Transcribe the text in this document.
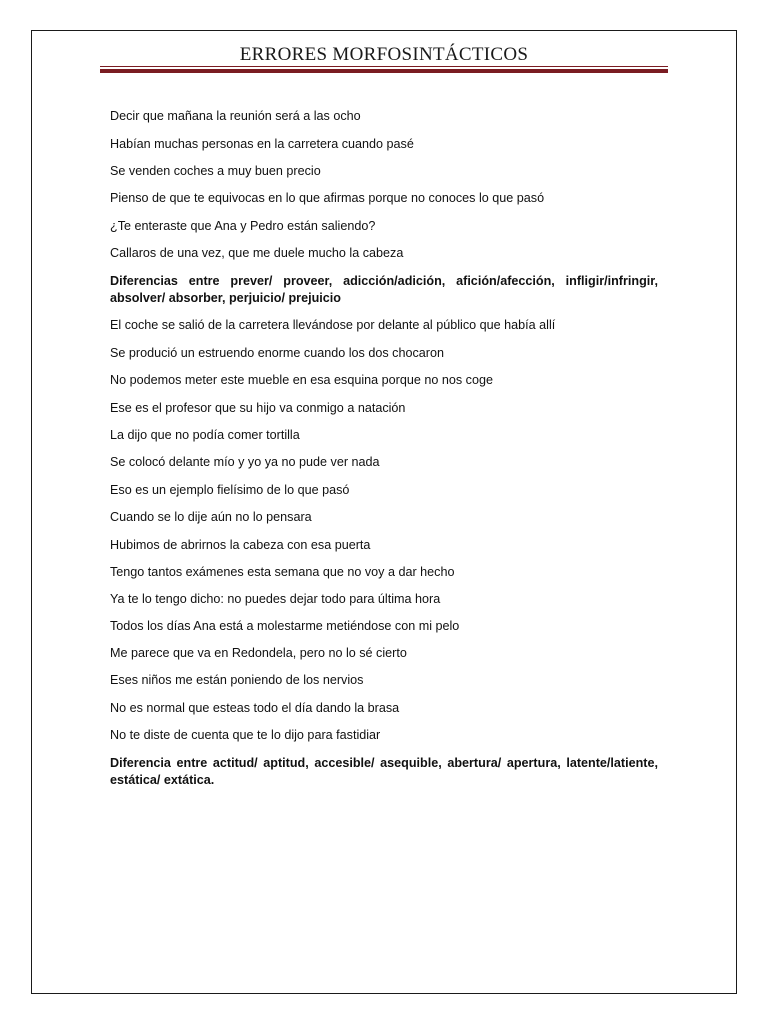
ERRORES MORFOSINTÁCTICOS
Decir que mañana la reunión será a las ocho
Habían muchas personas en la carretera cuando pasé
Se venden coches a muy buen precio
Pienso de que te equivocas en lo que afirmas porque no conoces lo que pasó
¿Te enteraste que Ana y Pedro están saliendo?
Callaros de una vez, que me duele mucho la cabeza
Diferencias entre prever/ proveer, adicción/adición, afición/afección, infligir/infringir, absolver/ absorber, perjuicio/ prejuicio
El coche se salió de la carretera llevándose por delante al público que había allí
Se produció un estruendo enorme cuando los dos chocaron
No podemos meter este mueble en esa esquina porque no nos coge
Ese es el profesor que su hijo va conmigo a natación
La dijo que no podía comer tortilla
Se colocó delante mío y yo ya no pude ver nada
Eso es un ejemplo fielísimo de lo que pasó
Cuando se lo dije aún no lo pensara
Hubimos de abrirnos la cabeza con esa puerta
Tengo tantos exámenes esta semana que no voy a dar hecho
Ya te lo tengo dicho: no puedes dejar todo para última hora
Todos los días Ana está a molestarme metiéndose con mi pelo
Me parece que va en Redondela, pero no lo sé cierto
Eses niños me están poniendo de los nervios
No es normal que esteas todo el día dando la brasa
No te diste de cuenta que te lo dijo para fastidiar
Diferencia entre actitud/ aptitud, accesible/ asequible, abertura/ apertura, latente/latiente, estática/ extática.
